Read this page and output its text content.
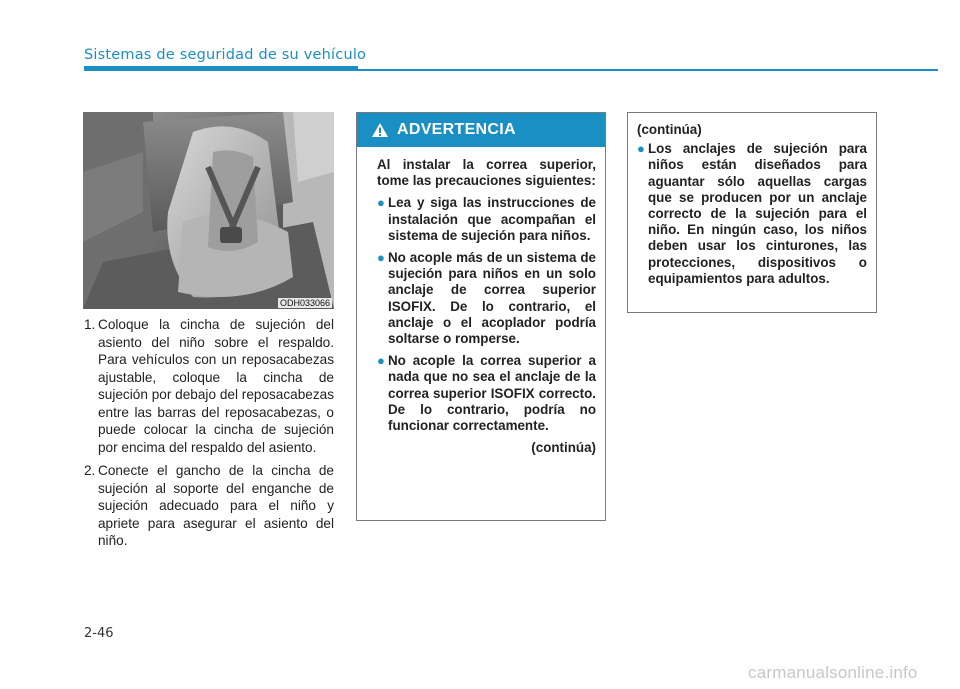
Sistemas de seguridad de su vehículo
ODH033066
1. Coloque la cincha de sujeción del asiento del niño sobre el respaldo. Para vehículos con un reposacabezas ajustable, coloque la cincha de sujeción por debajo del reposacabezas entre las barras del reposacabezas, o puede colocar la cincha de sujeción por encima del respaldo del asiento.
2. Conecte el gancho de la cincha de sujeción al soporte del enganche de sujeción adecuado para el niño y apriete para asegurar el asiento del niño.
ADVERTENCIA
Al instalar la correa superior, tome las precauciones siguientes:
● Lea y siga las instrucciones de instalación que acompañan el sistema de sujeción para niños.
● No acople más de un sistema de sujeción para niños en un solo anclaje de correa superior ISOFIX. De lo contrario, el anclaje o el acoplador podría soltarse o romperse.
● No acople la correa superior a nada que no sea el anclaje de la correa superior ISOFIX correcto. De lo contrario, podría no funcionar correctamente.
(continúa)
(continúa)
● Los anclajes de sujeción para niños están diseñados para aguantar sólo aquellas cargas que se producen por un anclaje correcto de la sujeción para el niño. En ningún caso, los niños deben usar los cinturones, las protecciones, dispositivos o equipamientos para adultos.
2-46
carmanualsonline.info
